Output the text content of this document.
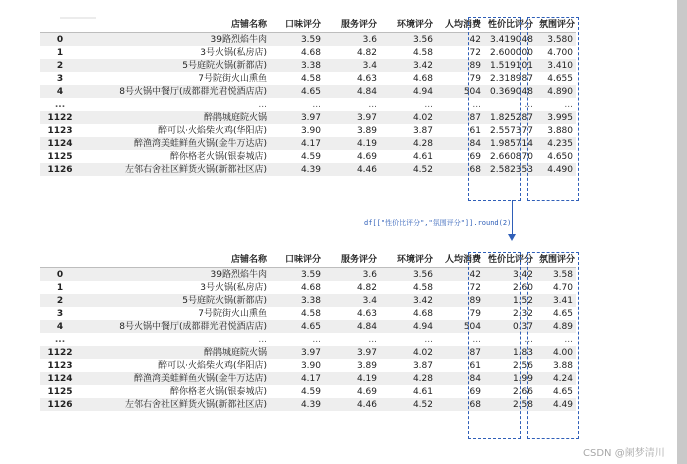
	店铺名称	口味评分	服务评分	环境评分	人均消费	性价比评分	氛围评分
0	39路烈焰牛肉	3.59	3.6	3.56	42	3.419048	3.580
1	3号火锅(私房店)	4.68	4.82	4.58	72	2.600000	4.700
2	5号庭院火锅(新都店)	3.38	3.4	3.42	89	1.519101	3.410
3	7号院街火山熏鱼	4.58	4.63	4.68	79	2.318987	4.655
4	8号火锅中餐厅(成都群光君悦酒店店)	4.65	4.84	4.94	504	0.369048	4.890
...	...	...	...	...	...	...	...
1122	醉鹃城庭院火锅	3.97	3.97	4.02	87	1.825287	3.995
1123	醉可以·火焰柴火鸡(华阳店)	3.90	3.89	3.87	61	2.557377	3.880
1124	醉渔湾美蛙鲜鱼火锅(金牛万达店)	4.17	4.19	4.28	84	1.985714	4.235
1125	醉你格老火锅(银泰城店)	4.59	4.69	4.61	69	2.660870	4.650
1126	左邻右舍社区鲜货火锅(新都社区店)	4.39	4.46	4.52	68	2.582353	4.490
df[["性价比评分","氛围评分"]].round(2)
	店铺名称	口味评分	服务评分	环境评分	人均消费	性价比评分	氛围评分
0	39路烈焰牛肉	3.59	3.6	3.56	42	3.42	3.58
1	3号火锅(私房店)	4.68	4.82	4.58	72	2.60	4.70
2	5号庭院火锅(新都店)	3.38	3.4	3.42	89	1.52	3.41
3	7号院街火山熏鱼	4.58	4.63	4.68	79	2.32	4.65
4	8号火锅中餐厅(成都群光君悦酒店店)	4.65	4.84	4.94	504	0.37	4.89
...	...	...	...	...	...	...	...
1122	醉鹃城庭院火锅	3.97	3.97	4.02	87	1.83	4.00
1123	醉可以·火焰柴火鸡(华阳店)	3.90	3.89	3.87	61	2.56	3.88
1124	醉渔湾美蛙鲜鱼火锅(金牛万达店)	4.17	4.19	4.28	84	1.99	4.24
1125	醉你格老火锅(银泰城店)	4.59	4.69	4.61	69	2.66	4.65
1126	左邻右舍社区鲜货火锅(新都社区店)	4.39	4.46	4.52	68	2.58	4.49
CSDN @阑梦清川
